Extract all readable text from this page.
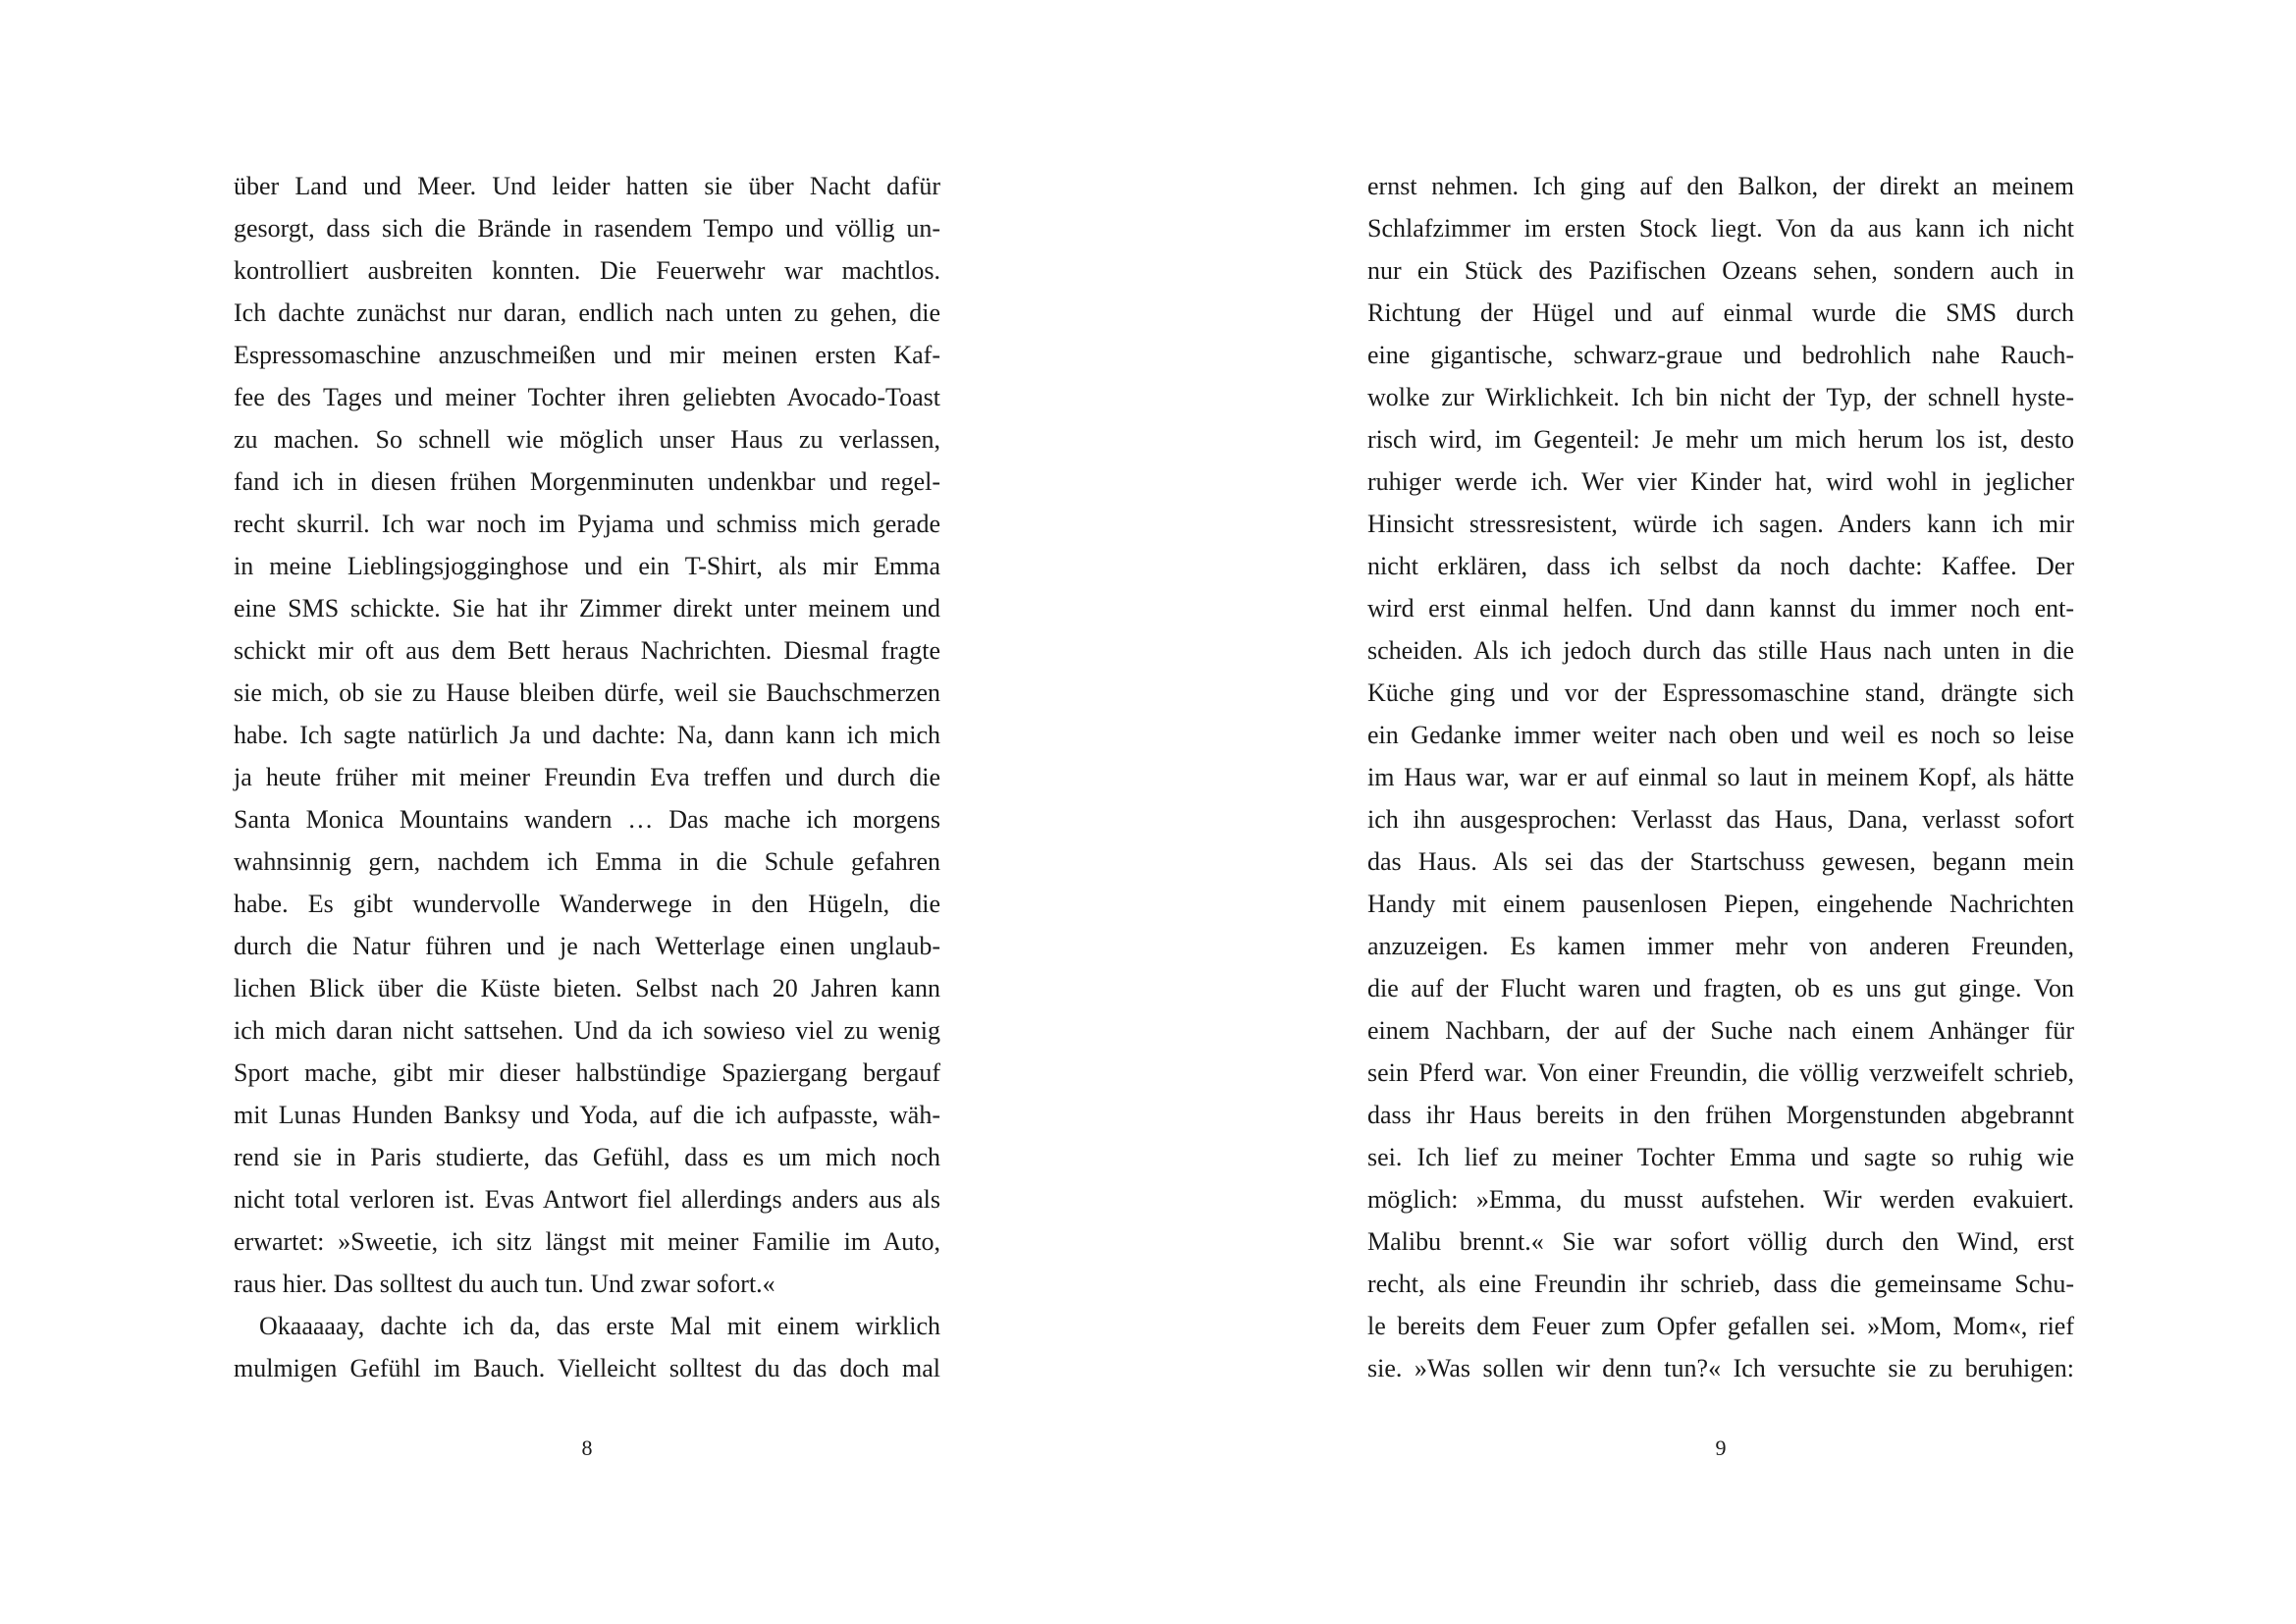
über Land und Meer. Und leider hatten sie über Nacht dafür
gesorgt, dass sich die Brände in rasendem Tempo und völlig un-
kontrolliert ausbreiten konnten. Die Feuerwehr war machtlos.
Ich dachte zunächst nur daran, endlich nach unten zu gehen, die
Espressomaschine anzuschmeißen und mir meinen ersten Kaf-
fee des Tages und meiner Tochter ihren geliebten Avocado-Toast
zu machen. So schnell wie möglich unser Haus zu verlassen,
fand ich in diesen frühen Morgenminuten undenkbar und regel-
recht skurril. Ich war noch im Pyjama und schmiss mich gerade
in meine Lieblingsjogginghose und ein T-Shirt, als mir Emma
eine SMS schickte. Sie hat ihr Zimmer direkt unter meinem und
schickt mir oft aus dem Bett heraus Nachrichten. Diesmal fragte
sie mich, ob sie zu Hause bleiben dürfe, weil sie Bauchschmerzen
habe. Ich sagte natürlich Ja und dachte: Na, dann kann ich mich
ja heute früher mit meiner Freundin Eva treffen und durch die
Santa Monica Mountains wandern … Das mache ich morgens
wahnsinnig gern, nachdem ich Emma in die Schule gefahren
habe. Es gibt wundervolle Wanderwege in den Hügeln, die
durch die Natur führen und je nach Wetterlage einen unglaub-
lichen Blick über die Küste bieten. Selbst nach 20 Jahren kann
ich mich daran nicht sattsehen. Und da ich sowieso viel zu wenig
Sport mache, gibt mir dieser halbstündige Spaziergang bergauf
mit Lunas Hunden Banksy und Yoda, auf die ich aufpasste, wäh-
rend sie in Paris studierte, das Gefühl, dass es um mich noch
nicht total verloren ist. Evas Antwort fiel allerdings anders aus als
erwartet: »Sweetie, ich sitz längst mit meiner Familie im Auto,
raus hier. Das solltest du auch tun. Und zwar sofort.«
Okaaaaay, dachte ich da, das erste Mal mit einem wirklich
mulmigen Gefühl im Bauch. Vielleicht solltest du das doch mal
8
ernst nehmen. Ich ging auf den Balkon, der direkt an meinem
Schlafzimmer im ersten Stock liegt. Von da aus kann ich nicht
nur ein Stück des Pazifischen Ozeans sehen, sondern auch in
Richtung der Hügel und auf einmal wurde die SMS durch
eine gigantische, schwarz-graue und bedrohlich nahe Rauch-
wolke zur Wirklichkeit. Ich bin nicht der Typ, der schnell hyste-
risch wird, im Gegenteil: Je mehr um mich herum los ist, desto
ruhiger werde ich. Wer vier Kinder hat, wird wohl in jeglicher
Hinsicht stressresistent, würde ich sagen. Anders kann ich mir
nicht erklären, dass ich selbst da noch dachte: Kaffee. Der
wird erst einmal helfen. Und dann kannst du immer noch ent-
scheiden. Als ich jedoch durch das stille Haus nach unten in die
Küche ging und vor der Espressomaschine stand, drängte sich
ein Gedanke immer weiter nach oben und weil es noch so leise
im Haus war, war er auf einmal so laut in meinem Kopf, als hätte
ich ihn ausgesprochen: Verlasst das Haus, Dana, verlasst sofort
das Haus. Als sei das der Startschuss gewesen, begann mein
Handy mit einem pausenlosen Piepen, eingehende Nachrichten
anzuzeigen. Es kamen immer mehr von anderen Freunden,
die auf der Flucht waren und fragten, ob es uns gut ginge. Von
einem Nachbarn, der auf der Suche nach einem Anhänger für
sein Pferd war. Von einer Freundin, die völlig verzweifelt schrieb,
dass ihr Haus bereits in den frühen Morgenstunden abgebrannt
sei. Ich lief zu meiner Tochter Emma und sagte so ruhig wie
möglich: »Emma, du musst aufstehen. Wir werden evakuiert.
Malibu brennt.« Sie war sofort völlig durch den Wind, erst
recht, als eine Freundin ihr schrieb, dass die gemeinsame Schu-
le bereits dem Feuer zum Opfer gefallen sei. »Mom, Mom«, rief
sie. »Was sollen wir denn tun?« Ich versuchte sie zu beruhigen:
9
